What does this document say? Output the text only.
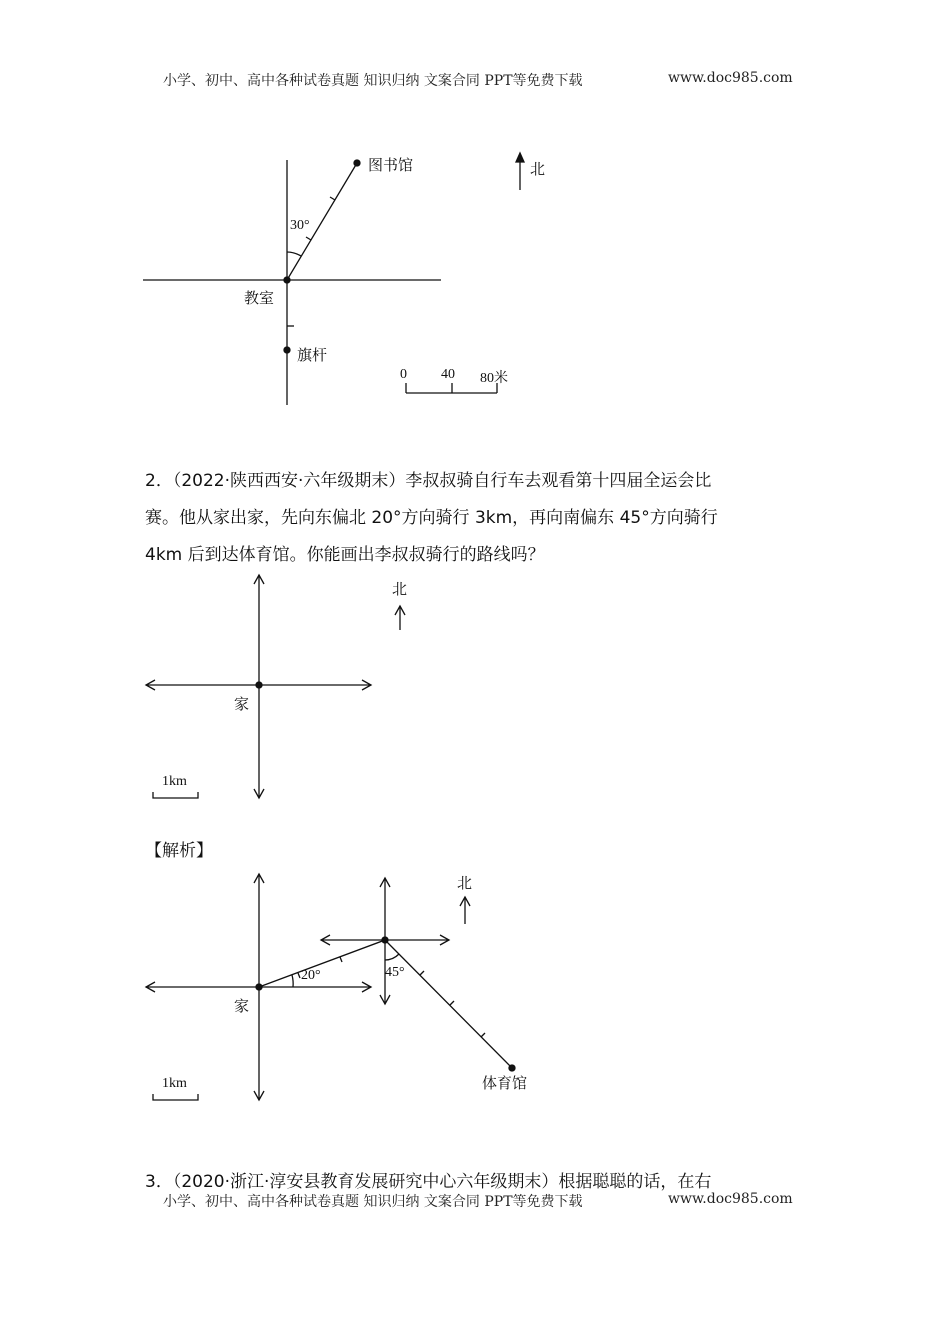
小学、初中、高中各种试卷真题 知识归纳 文案合同 PPT等免费下载	www.doc985.com
图书馆
教室
旗杆
30°
北
0 40 80米
2．（2022·陕西西安·六年级期末）李叔叔骑自行车去观看第十四届全运会比
赛。他从家出家，先向东偏北 20°方向骑行 3km，再向南偏东 45°方向骑行
4km 后到达体育馆。你能画出李叔叔骑行的路线吗？
家
北
1km
【解析】
家
北
1km
20°	45°
体育馆
3．（2020·浙江·淳安县教育发展研究中心六年级期末）根据聪聪的话，在右
小学、初中、高中各种试卷真题 知识归纳 文案合同 PPT等免费下载	www.doc985.com
